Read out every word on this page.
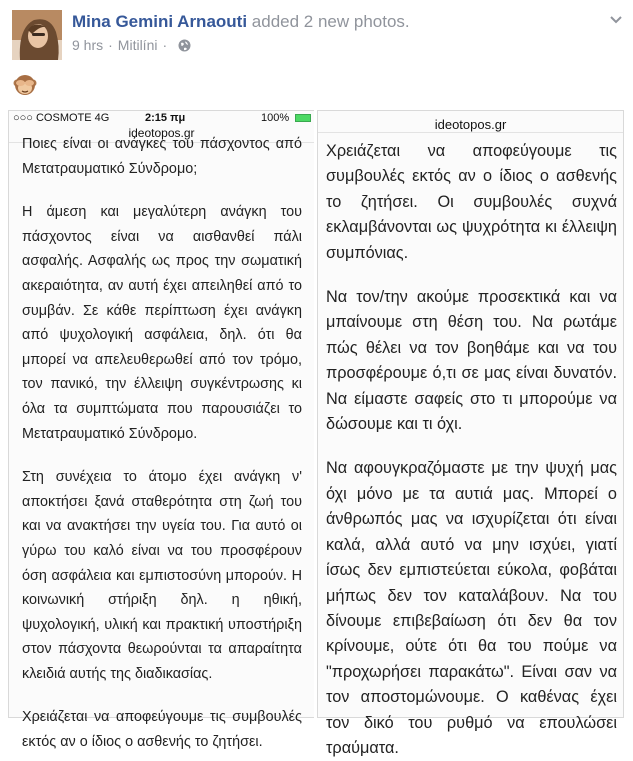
Mina Gemini Arnaouti added 2 new photos.
9 hrs · Mitilíni ·
○○○ COSMOTE 4G	2:15 πμ	100%
ideotopos.gr

Ποιες είναι οι ανάγκες του πάσχοντος από Μετατραυματικό Σύνδρομο;

Η άμεση και μεγαλύτερη ανάγκη του πάσχοντος είναι να αισθανθεί πάλι ασφαλής. Ασφαλής ως προς την σωματική ακεραιότητα, αν αυτή έχει απειληθεί από το συμβάν. Σε κάθε περίπτωση έχει ανάγκη από ψυχολογική ασφάλεια, δηλ. ότι θα μπορεί να απελευθερωθεί από τον τρόμο, τον πανικό, την έλλειψη συγκέντρωσης κι όλα τα συμπτώματα που παρουσιάζει το Μετατραυματικό Σύνδρομο.

Στη συνέχεια το άτομο έχει ανάγκη ν' αποκτήσει ξανά σταθερότητα στη ζωή του και να ανακτήσει την υγεία του. Για αυτό οι γύρω του καλό είναι να του προσφέρουν όση ασφάλεια και εμπιστοσύνη μπορούν. Η κοινωνική στήριξη δηλ. η ηθική, ψυχολογική, υλική και πρακτική υποστήριξη στον πάσχοντα θεωρούνται τα απαραίτητα κλειδιά αυτής της διαδικασίας.

Χρειάζεται να αποφεύγουμε τις συμβουλές εκτός αν ο ίδιος ο ασθενής το ζητήσει.

ideotopos.gr

Χρειάζεται να αποφεύγουμε τις συμβουλές εκτός αν ο ίδιος ο ασθενής το ζητήσει. Οι συμβουλές συχνά εκλαμβάνονται ως ψυχρότητα κι έλλειψη συμπόνιας.

Να τον/την ακούμε προσεκτικά και να μπαίνουμε στη θέση του. Να ρωτάμε πώς θέλει να τον βοηθάμε και να του προσφέρουμε ό,τι σε μας είναι δυνατόν. Να είμαστε σαφείς στο τι μπορούμε να δώσουμε και τι όχι.

Να αφουγκραζόμαστε με την ψυχή μας όχι μόνο με τα αυτιά μας. Μπορεί ο άνθρωπός μας να ισχυρίζεται ότι είναι καλά, αλλά αυτό να μην ισχύει, γιατί ίσως δεν εμπιστεύεται εύκολα, φοβάται μήπως δεν τον καταλάβουν. Να του δίνουμε επιβεβαίωση ότι δεν θα τον κρίνουμε, ούτε ότι θα του πούμε να "προχωρήσει παρακάτω". Είναι σαν να τον αποστομώνουμε. Ο καθένας έχει τον δικό του ρυθμό να επουλώσει τραύματα.
